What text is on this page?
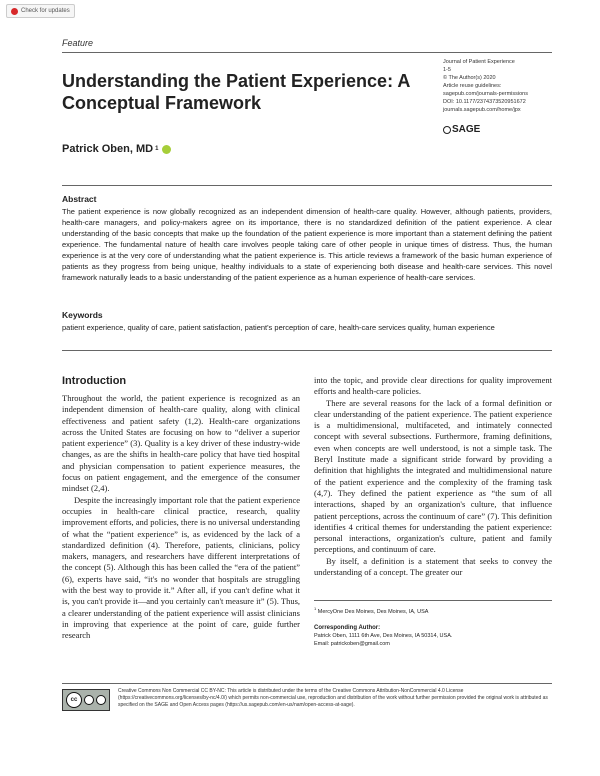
Check for updates
Feature
Understanding the Patient Experience: A Conceptual Framework
Journal of Patient Experience
1-5
© The Author(s) 2020
Article reuse guidelines:
sagepub.com/journals-permissions
DOI: 10.1177/2374373520951672
journals.sagepub.com/home/jpx
SAGE
Patrick Oben, MD 1
Abstract
The patient experience is now globally recognized as an independent dimension of health-care quality. However, although patients, providers, health-care managers, and policy-makers agree on its importance, there is no standardized definition of the patient experience. A clear understanding of the basic concepts that make up the foundation of the patient experience is more important than a statement defining the patient experience. The fundamental nature of health care involves people taking care of other people in unique times of distress. Thus, the human experience is at the very core of understanding what the patient experience is. This article reviews a framework of the basic human experience of patients as they progress from being unique, healthy individuals to a state of experiencing both disease and health-care services. This novel framework naturally leads to a basic understanding of the patient experience as a human experience of health-care services.
Keywords
patient experience, quality of care, patient satisfaction, patient's perception of care, health-care services quality, human experience
Introduction

Throughout the world, the patient experience is recognized as an independent dimension of health-care quality, along with clinical effectiveness and patient safety (1,2). Health-care organizations across the United States are focusing on how to “deliver a superior patient experience” (3). Quality is a key driver of these industry-wide changes, as are the shifts in health-care policy that have tied hospital and physician compensation to patient experience measures, the focus on patient engagement, and the emergence of the consumer mindset (2,4).

Despite the increasingly important role that the patient experience occupies in health-care clinical practice, research, quality improvement efforts, and policies, there is no universal understanding of what the “patient experience” is, as evidenced by the lack of a standardized definition (4). Therefore, patients, clinicians, policy makers, managers, and researchers have different interpretations of the concept (5). Although this has been called the “era of the patient” (6), experts have said, “it's no wonder that hospitals are struggling with the best way to provide it.” After all, if you can't define what it is, you can't provide it—and you certainly can't measure it” (5). Thus, a clearer understanding of the patient experience will assist clinicians in improving that experience at the point of care, guide further research

into the topic, and provide clear directions for quality improvement efforts and health-care policies.

There are several reasons for the lack of a formal definition or clear understanding of the patient experience. The patient experience is a multidimensional, multifaceted, and intimately connected concept with several subsections. Furthermore, framing definitions, even when concepts are well understood, is not a simple task. The Beryl Institute made a significant stride forward by providing a definition that highlights the integrated and multidimensional nature of the patient experience and the complexity of the framing task (4,7). They defined the patient experience as “the sum of all interactions, shaped by an organization's culture, that influence patient perceptions, across the continuum of care” (7). This definition identifies 4 critical themes for understanding the patient experience: personal interactions, organization's culture, patient and family perceptions, and continuum of care.

By itself, a definition is a statement that seeks to convey the understanding of a concept. The greater our

$^1$ MercyOne Des Moines, Des Moines, IA, USA
Corresponding Author:
Patrick Oben, 1111 6th Ave, Des Moines, IA 50314, USA.
Email: patrickoben@gmail.com
cc
Creative Commons Non Commercial CC BY-NC: This article is distributed under the terms of the Creative Commons Attribution-NonCommercial 4.0 License (https://creativecommons.org/licenses/by-nc/4.0/) which permits non-commercial use, reproduction and distribution of the work without further permission provided the original work is attributed as specified on the SAGE and Open Access pages (https://us.sagepub.com/en-us/nam/open-access-at-sage).
